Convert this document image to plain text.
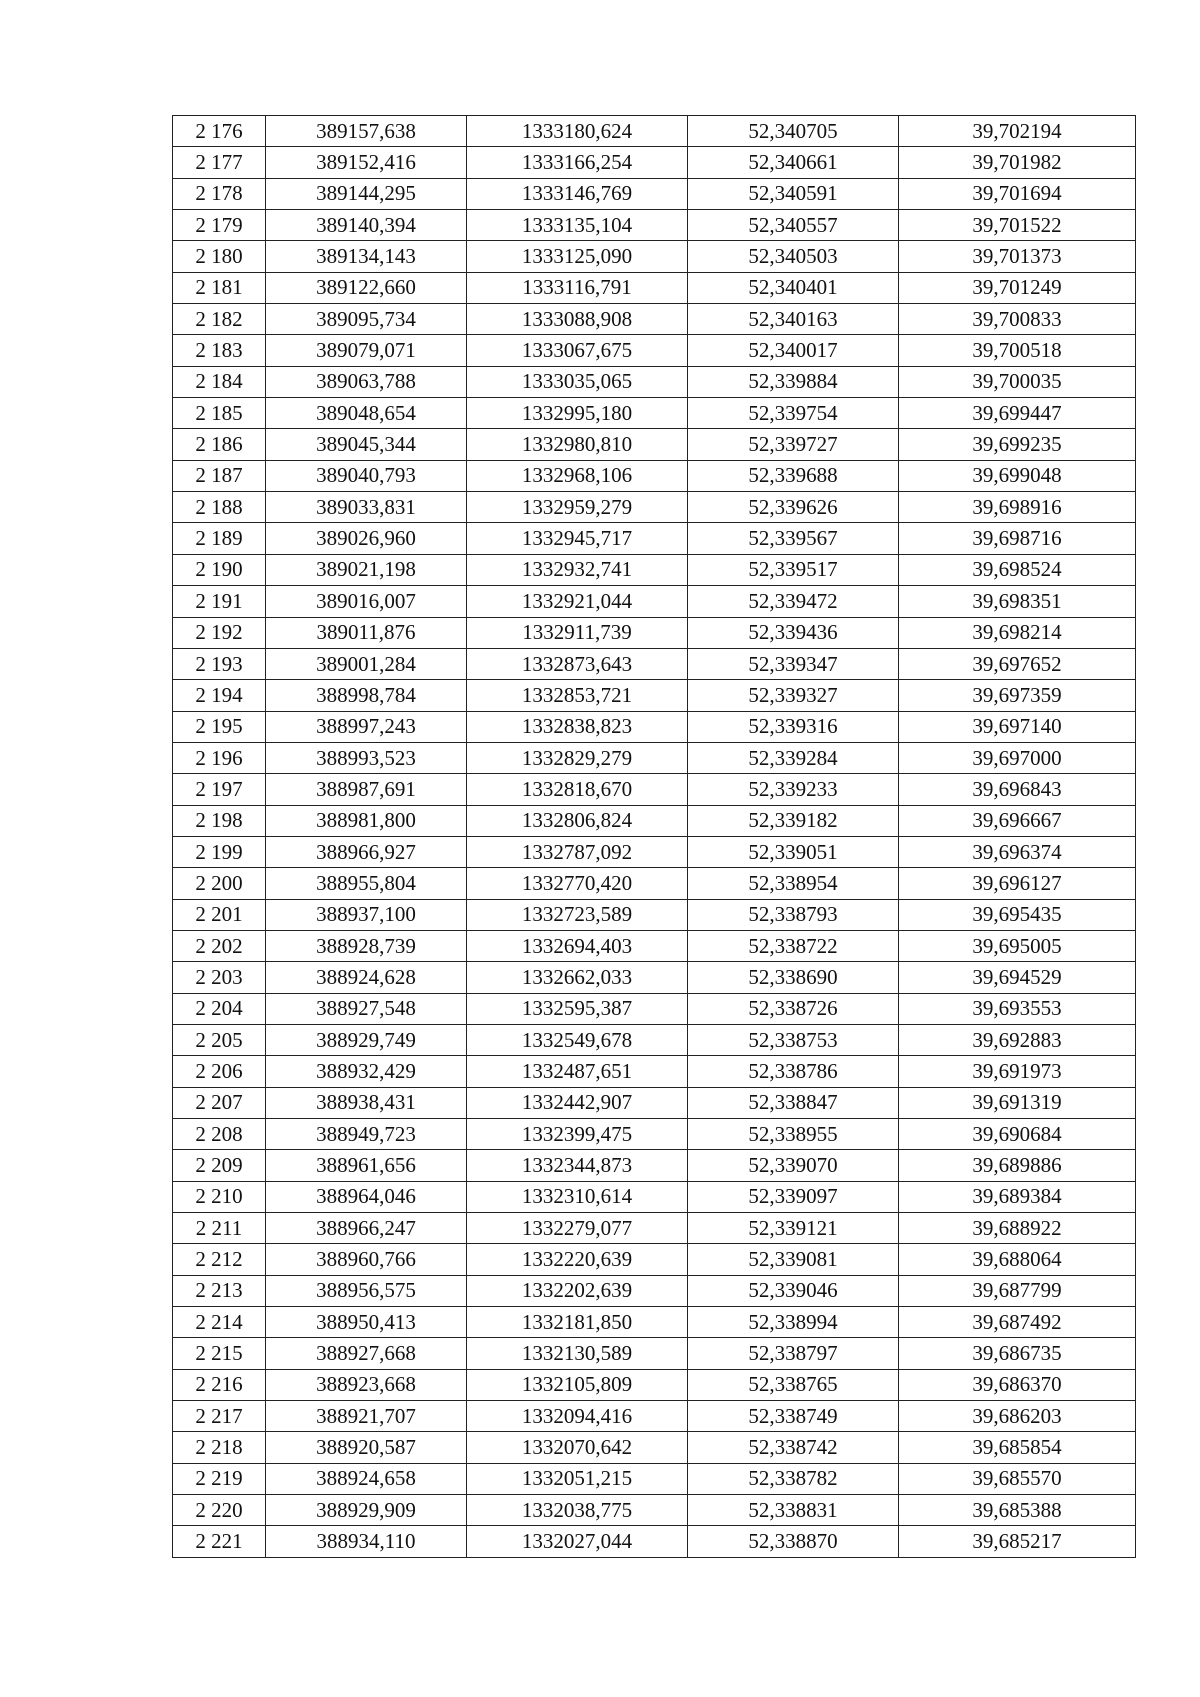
2 176	389157,638	1333180,624	52,340705	39,702194
2 177	389152,416	1333166,254	52,340661	39,701982
2 178	389144,295	1333146,769	52,340591	39,701694
2 179	389140,394	1333135,104	52,340557	39,701522
2 180	389134,143	1333125,090	52,340503	39,701373
2 181	389122,660	1333116,791	52,340401	39,701249
2 182	389095,734	1333088,908	52,340163	39,700833
2 183	389079,071	1333067,675	52,340017	39,700518
2 184	389063,788	1333035,065	52,339884	39,700035
2 185	389048,654	1332995,180	52,339754	39,699447
2 186	389045,344	1332980,810	52,339727	39,699235
2 187	389040,793	1332968,106	52,339688	39,699048
2 188	389033,831	1332959,279	52,339626	39,698916
2 189	389026,960	1332945,717	52,339567	39,698716
2 190	389021,198	1332932,741	52,339517	39,698524
2 191	389016,007	1332921,044	52,339472	39,698351
2 192	389011,876	1332911,739	52,339436	39,698214
2 193	389001,284	1332873,643	52,339347	39,697652
2 194	388998,784	1332853,721	52,339327	39,697359
2 195	388997,243	1332838,823	52,339316	39,697140
2 196	388993,523	1332829,279	52,339284	39,697000
2 197	388987,691	1332818,670	52,339233	39,696843
2 198	388981,800	1332806,824	52,339182	39,696667
2 199	388966,927	1332787,092	52,339051	39,696374
2 200	388955,804	1332770,420	52,338954	39,696127
2 201	388937,100	1332723,589	52,338793	39,695435
2 202	388928,739	1332694,403	52,338722	39,695005
2 203	388924,628	1332662,033	52,338690	39,694529
2 204	388927,548	1332595,387	52,338726	39,693553
2 205	388929,749	1332549,678	52,338753	39,692883
2 206	388932,429	1332487,651	52,338786	39,691973
2 207	388938,431	1332442,907	52,338847	39,691319
2 208	388949,723	1332399,475	52,338955	39,690684
2 209	388961,656	1332344,873	52,339070	39,689886
2 210	388964,046	1332310,614	52,339097	39,689384
2 211	388966,247	1332279,077	52,339121	39,688922
2 212	388960,766	1332220,639	52,339081	39,688064
2 213	388956,575	1332202,639	52,339046	39,687799
2 214	388950,413	1332181,850	52,338994	39,687492
2 215	388927,668	1332130,589	52,338797	39,686735
2 216	388923,668	1332105,809	52,338765	39,686370
2 217	388921,707	1332094,416	52,338749	39,686203
2 218	388920,587	1332070,642	52,338742	39,685854
2 219	388924,658	1332051,215	52,338782	39,685570
2 220	388929,909	1332038,775	52,338831	39,685388
2 221	388934,110	1332027,044	52,338870	39,685217
